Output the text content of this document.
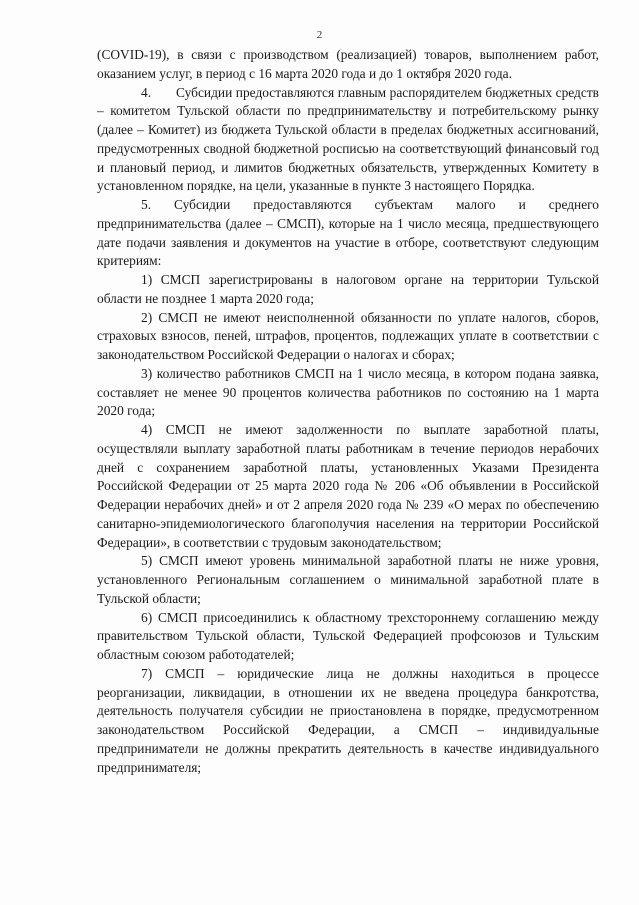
2

(COVID-19), в связи с производством (реализацией) товаров, выполнением работ, оказанием услуг, в период с 16 марта 2020 года и до 1 октября 2020 года.

4.       Субсидии предоставляются главным распорядителем бюджетных средств – комитетом Тульской области по предпринимательству и потребительскому рынку (далее – Комитет) из бюджета Тульской области в пределах бюджетных ассигнований, предусмотренных сводной бюджетной росписью на соответствующий финансовый год и плановый период, и лимитов бюджетных обязательств, утвержденных Комитету в установленном порядке, на цели, указанные в пункте 3 настоящего Порядка.

5. Субсидии предоставляются субъектам малого и среднего предпринимательства (далее – СМСП), которые на 1 число месяца, предшествующего дате подачи заявления и документов на участие в отборе, соответствуют следующим критериям:

1) СМСП зарегистрированы в налоговом органе на территории Тульской области не позднее 1 марта 2020 года;

2) СМСП не имеют неисполненной обязанности по уплате налогов, сборов, страховых взносов, пеней, штрафов, процентов, подлежащих уплате в соответствии с законодательством Российской Федерации о налогах и сборах;

3) количество работников СМСП на 1 число месяца, в котором подана заявка, составляет не менее 90 процентов количества работников по состоянию на 1 марта 2020 года;

4) СМСП не имеют задолженности по выплате заработной платы, осуществляли выплату заработной платы работникам в течение периодов нерабочих дней с сохранением заработной платы, установленных Указами Президента Российской Федерации от 25 марта 2020 года № 206 «Об объявлении в Российской Федерации нерабочих дней» и от 2 апреля 2020 года № 239 «О мерах по обеспечению санитарно-эпидемиологического благополучия населения на территории Российской Федерации», в соответствии с трудовым законодательством;

5) СМСП имеют уровень минимальной заработной платы не ниже уровня, установленного Региональным соглашением о минимальной заработной плате в Тульской области;

6) СМСП присоединились к областному трехстороннему соглашению между правительством Тульской области, Тульской Федерацией профсоюзов и Тульским областным союзом работодателей;

7) СМСП – юридические лица не должны находиться в процессе реорганизации, ликвидации, в отношении их не введена процедура банкротства, деятельность получателя субсидии не приостановлена в порядке, предусмотренном законодательством Российской Федерации, а СМСП – индивидуальные предприниматели не должны прекратить деятельность в качестве индивидуального предпринимателя;
